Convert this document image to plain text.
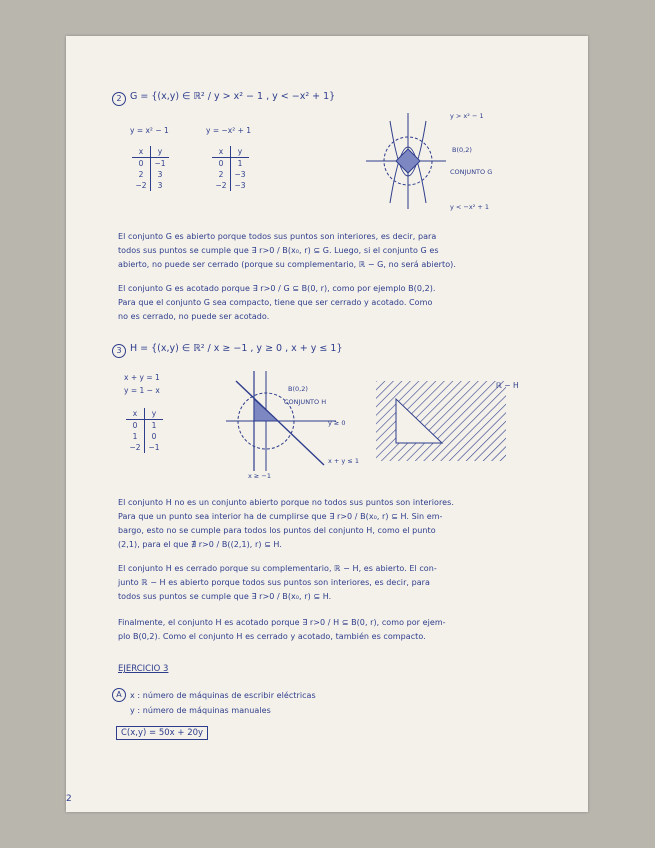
2 G = {(x,y) ∈ ℝ² / y > x² − 1 , y < −x² + 1}
y = x² − 1	y = −x² + 1
x	y
0	−1
2	3
−2	3
x	y
0	1
2	−3
−2	−3
y > x² − 1
B(0,2)
CONJUNTO G
y < −x² + 1
El conjunto G es abierto porque todos sus puntos son interiores, es decir, para
todos sus puntos se cumple que ∃ r>0 / B(x₀, r) ⊆ G. Luego, si el conjunto G es
abierto, no puede ser cerrado (porque su complementario, ℝ − G, no será abierto).
El conjunto G es acotado porque ∃ r>0 / G ⊆ B(0, r), como por ejemplo B(0,2).
Para que el conjunto G sea compacto, tiene que ser cerrado y acotado. Como
no es cerrado, no puede ser acotado.
3 H = {(x,y) ∈ ℝ² / x ≥ −1 , y ≥ 0 , x + y ≤ 1}
x + y = 1
y = 1 − x
x	y
0	1
1	0
−2	−1
B(0,2)
CONJUNTO H
y ≥ 0
x + y ≤ 1
x ≥ −1
ℝ − H
El conjunto H no es un conjunto abierto porque no todos sus puntos son interiores.
Para que un punto sea interior ha de cumplirse que ∃ r>0 / B(x₀, r) ⊆ H. Sin em-
bargo, esto no se cumple para todos los puntos del conjunto H, como el punto
(2,1), para el que ∄ r>0 / B((2,1), r) ⊆ H.
El conjunto H es cerrado porque su complementario, ℝ − H, es abierto. El con-
junto ℝ − H es abierto porque todos sus puntos son interiores, es decir, para
todos sus puntos se cumple que ∃ r>0 / B(x₀, r) ⊆ H.
Finalmente, el conjunto H es acotado porque ∃ r>0 / H ⊆ B(0, r), como por ejem-
plo B(0,2). Como el conjunto H es cerrado y acotado, también es compacto.
EJERCICIO 3
A	x : número de máquinas de escribir eléctricas
y : número de máquinas manuales
C(x,y) = 50x + 20y
2
